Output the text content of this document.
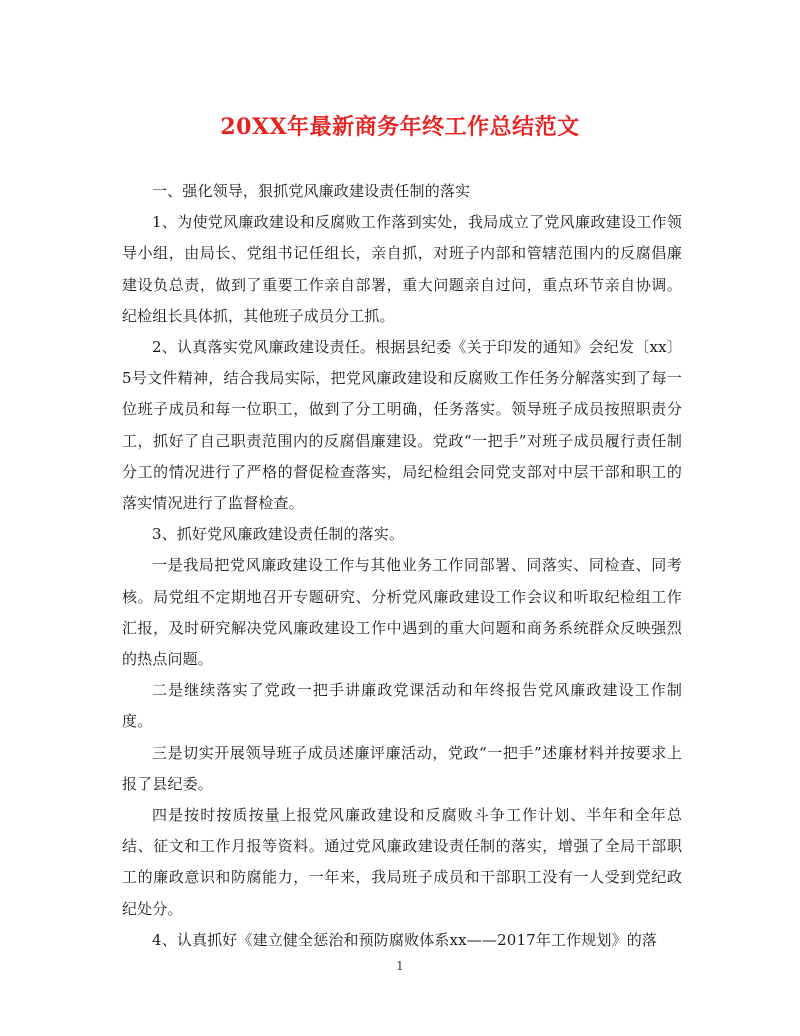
20XX年最新商务年终工作总结范文

一、强化领导，狠抓党风廉政建设责任制的落实

1、为使党风廉政建设和反腐败工作落到实处，我局成立了党风廉政建设工作领导小组，由局长、党组书记任组长，亲自抓，对班子内部和管辖范围内的反腐倡廉建设负总责，做到了重要工作亲自部署，重大问题亲自过问，重点环节亲自协调。纪检组长具体抓，其他班子成员分工抓。

2、认真落实党风廉政建设责任。根据县纪委《关于印发的通知》会纪发〔xx〕5号文件精神，结合我局实际，把党风廉政建设和反腐败工作任务分解落实到了每一位班子成员和每一位职工，做到了分工明确，任务落实。领导班子成员按照职责分工，抓好了自己职责范围内的反腐倡廉建设。党政“一把手”对班子成员履行责任制分工的情况进行了严格的督促检查落实，局纪检组会同党支部对中层干部和职工的落实情况进行了监督检查。

3、抓好党风廉政建设责任制的落实。

一是我局把党风廉政建设工作与其他业务工作同部署、同落实、同检查、同考核。局党组不定期地召开专题研究、分析党风廉政建设工作会议和听取纪检组工作汇报，及时研究解决党风廉政建设工作中遇到的重大问题和商务系统群众反映强烈的热点问题。

二是继续落实了党政一把手讲廉政党课活动和年终报告党风廉政建设工作制度。

三是切实开展领导班子成员述廉评廉活动，党政“一把手”述廉材料并按要求上报了县纪委。

四是按时按质按量上报党风廉政建设和反腐败斗争工作计划、半年和全年总结、征文和工作月报等资料。通过党风廉政建设责任制的落实，增强了全局干部职工的廉政意识和防腐能力，一年来，我局班子成员和干部职工没有一人受到党纪政纪处分。

4、认真抓好《建立健全惩治和预防腐败体系xx——2017年工作规划》的落

1
